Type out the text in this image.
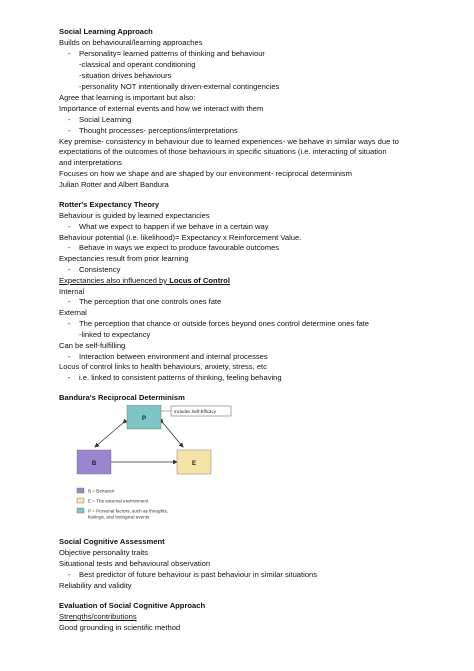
Social Learning Approach
Builds on behavioural/learning approaches
- Personality= learned patterns of thinking and behaviour
-classical and operant conditioning
-situation drives behaviours
-personality NOT intentionally driven-external contingencies
Agree that learning is important but also:
Importance of external events and how we interact with them
- Social Learning
- Thought processes- perceptions/interpretations
Key premise- consistency in behaviour due to learned experiences- we behave in similar ways due to
expectations of the outcomes of those behaviours in specific situations (i.e. interacting of situation
and interpretations
Focuses on how we shape and are shaped by our environment- reciprocal determinism
Julian Rotter and Albert Bandura
Rotter's Expectancy Theory
Behaviour is guided by learned expectancies
- What we expect to happen if we behave in a certain way
Behaviour potential (i.e. likelihood)= Expectancy x Reinforcement Value.
- Behave in ways we expect to produce favourable outcomes
Expectancies result from prior learning
- Consistency
Expectancies also influenced by Locus of Control
Internal
- The perception that one controls ones fate
External
- The perception that chance or outside forces beyond ones control determine ones fate
-linked to expectancy
Can be self-fulfilling
- Interaction between environment and internal processes
Locus of control links to health behaviours, anxiety, stress, etc
- i.e. linked to consistent patterns of thinking, feeling behaving
Bandura's Reciprocal Determinism
P
B	E
Includes Self-Efficacy
B = Behavior
E = The external environment
P = Personal factors, such as thoughts,
feelings, and biological events
Social Cognitive Assessment
Objective personality traits
Situational tests and behavioural observation
- Best predictor of future behaviour is past behaviour in similar situations
Reliability and validity
Evaluation of Social Cognitive Approach
Strengths/contributions
Good grounding in scientific method
